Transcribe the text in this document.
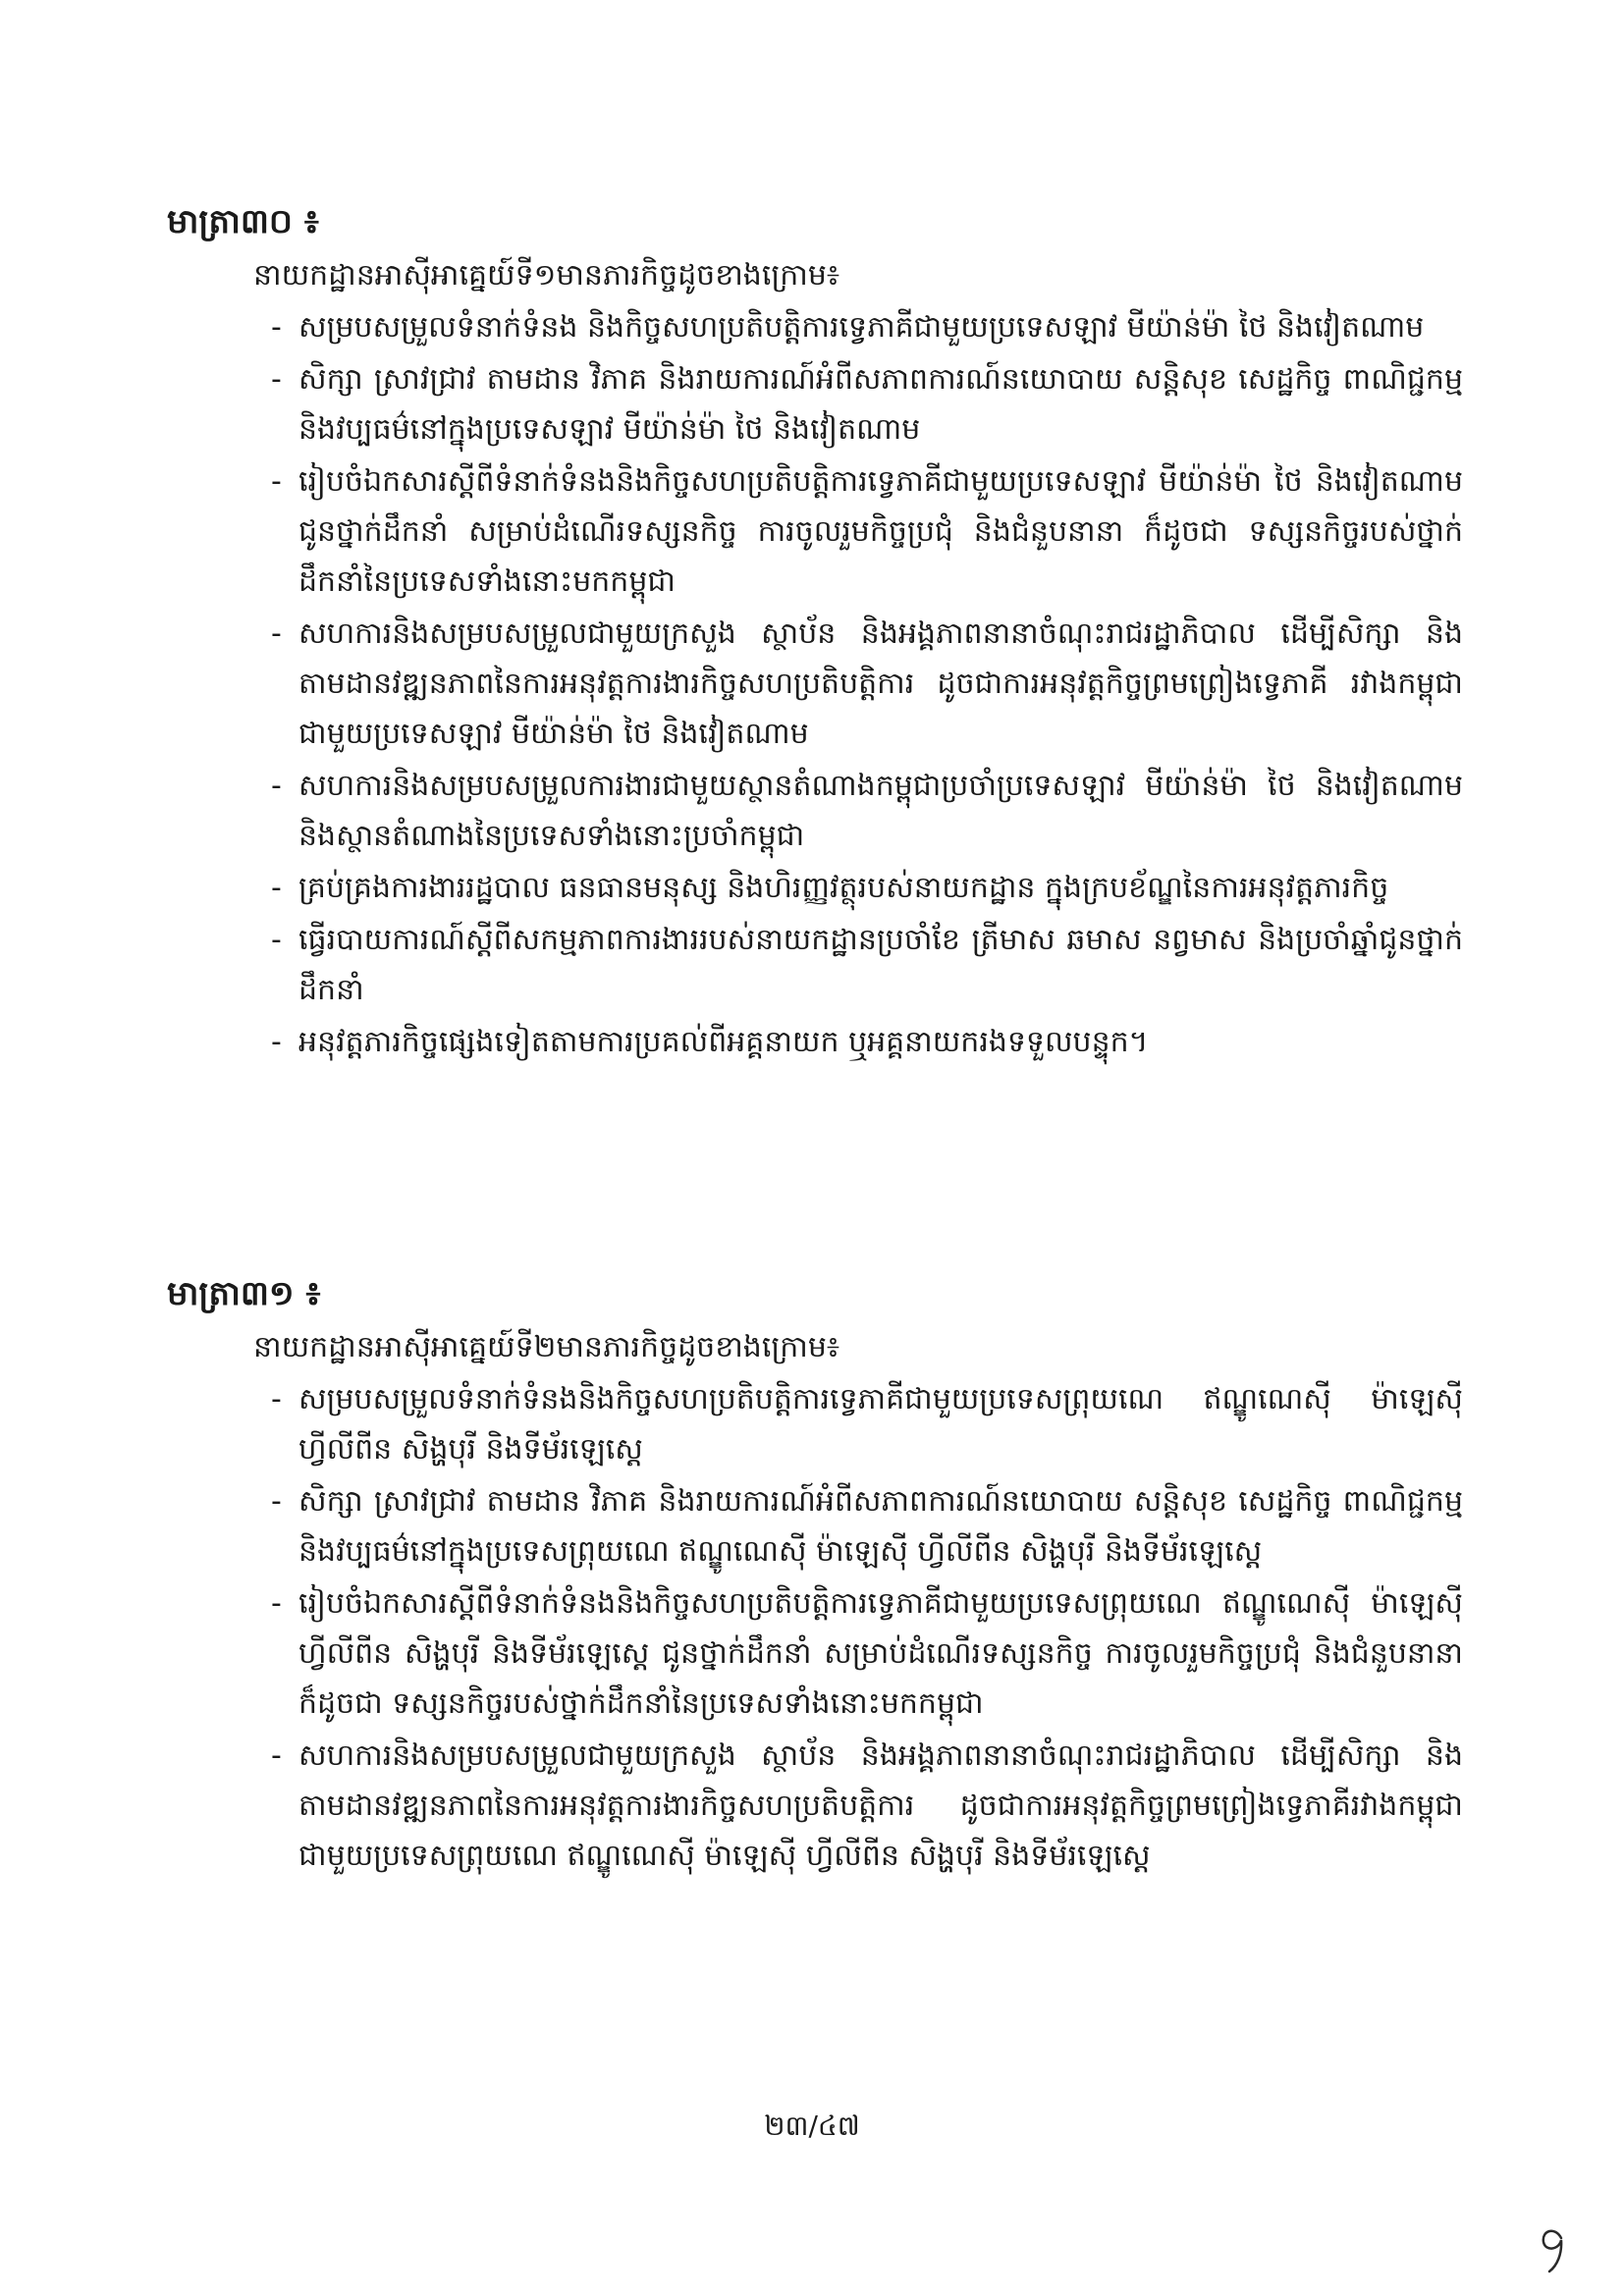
មាត្រា៣០ ៖

នាយកដ្ឋានអាស៊ីអាគ្នេយ៍ទី១មានភារកិច្ចដូចខាងក្រោម៖

- សម្របសម្រួលទំនាក់ទំនង និងកិច្ចសហប្រតិបត្តិការទ្វេភាគីជាមួយប្រទេសឡាវ មីយ៉ាន់ម៉ា ថៃ និងវៀតណាម
- សិក្សា ស្រាវជ្រាវ តាមដាន វិភាគ និងរាយការណ៍អំពីសភាពការណ៍នយោបាយ សន្តិសុខ សេដ្ឋកិច្ច ពាណិជ្ជកម្ម និងវប្បធម៌នៅក្នុងប្រទេសឡាវ មីយ៉ាន់ម៉ា ថៃ និងវៀតណាម
- រៀបចំឯកសារស្តីពីទំនាក់ទំនងនិងកិច្ចសហប្រតិបត្តិការទ្វេភាគីជាមួយប្រទេសឡាវ មីយ៉ាន់ម៉ា ថៃ និងវៀតណាម ជូនថ្នាក់ដឹកនាំ សម្រាប់ដំណើរទស្សនកិច្ច ការចូលរួមកិច្ចប្រជុំ និងជំនួបនានា ក៏ដូចជា ទស្សនកិច្ចរបស់ថ្នាក់ដឹកនាំនៃប្រទេសទាំងនោះមកកម្ពុជា
- សហការនិងសម្របសម្រួលជាមួយក្រសួង ស្ថាប័ន និងអង្គភាពនានាចំណុះរាជរដ្ឋាភិបាល ដើម្បីសិក្សា និងតាមដានវឌ្ឍនភាពនៃការអនុវត្តការងារកិច្ចសហប្រតិបត្តិការ ដូចជាការអនុវត្តកិច្ចព្រមព្រៀងទ្វេភាគី រវាងកម្ពុជា ជាមួយប្រទេសឡាវ មីយ៉ាន់ម៉ា ថៃ និងវៀតណាម
- សហការនិងសម្របសម្រួលការងារជាមួយស្ថានតំណាងកម្ពុជាប្រចាំប្រទេសឡាវ មីយ៉ាន់ម៉ា ថៃ និងវៀតណាម និងស្ថានតំណាងនៃប្រទេសទាំងនោះប្រចាំកម្ពុជា
- គ្រប់គ្រងការងាររដ្ឋបាល ធនធានមនុស្ស និងហិរញ្ញវត្ថុរបស់នាយកដ្ឋាន ក្នុងក្របខ័ណ្ឌនៃការអនុវត្តភារកិច្ច
- ធ្វើរបាយការណ៍ស្តីពីសកម្មភាពការងាររបស់នាយកដ្ឋានប្រចាំខែ ត្រីមាស ឆមាស នព្វមាស និងប្រចាំឆ្នាំជូនថ្នាក់ដឹកនាំ
- អនុវត្តភារកិច្ចផ្សេងទៀតតាមការប្រគល់ពីអគ្គនាយក ឬអគ្គនាយករងទទួលបន្ទុក។
មាត្រា៣១ ៖

នាយកដ្ឋានអាស៊ីអាគ្នេយ៍ទី២មានភារកិច្ចដូចខាងក្រោម៖

- សម្របសម្រួលទំនាក់ទំនងនិងកិច្ចសហប្រតិបត្តិការទ្វេភាគីជាមួយប្រទេសព្រុយណេ ឥណ្ឌូណេស៊ី ម៉ាឡេស៊ី ហ្វីលីពីន សិង្ហបុរី និងទីម័រឡេស្តេ
- សិក្សា ស្រាវជ្រាវ តាមដាន វិភាគ និងរាយការណ៍អំពីសភាពការណ៍នយោបាយ សន្តិសុខ សេដ្ឋកិច្ច ពាណិជ្ជកម្ម និងវប្បធម៌នៅក្នុងប្រទេសព្រុយណេ ឥណ្ឌូណេស៊ី ម៉ាឡេស៊ី ហ្វីលីពីន សិង្ហបុរី និងទីម័រឡេស្តេ
- រៀបចំឯកសារស្តីពីទំនាក់ទំនងនិងកិច្ចសហប្រតិបត្តិការទ្វេភាគីជាមួយប្រទេសព្រុយណេ ឥណ្ឌូណេស៊ី ម៉ាឡេស៊ី ហ្វីលីពីន សិង្ហបុរី និងទីម័រឡេស្តេ ជូនថ្នាក់ដឹកនាំ សម្រាប់ដំណើរទស្សនកិច្ច ការចូលរួមកិច្ចប្រជុំ និងជំនួបនានា ក៏ដូចជា ទស្សនកិច្ចរបស់ថ្នាក់ដឹកនាំនៃប្រទេសទាំងនោះមកកម្ពុជា
- សហការនិងសម្របសម្រួលជាមួយក្រសួង ស្ថាប័ន និងអង្គភាពនានាចំណុះរាជរដ្ឋាភិបាល ដើម្បីសិក្សា និងតាមដានវឌ្ឍនភាពនៃការអនុវត្តការងារកិច្ចសហប្រតិបត្តិការ ដូចជាការអនុវត្តកិច្ចព្រមព្រៀងទ្វេភាគីរវាងកម្ពុជា ជាមួយប្រទេសព្រុយណេ ឥណ្ឌូណេស៊ី ម៉ាឡេស៊ី ហ្វីលីពីន សិង្ហបុរី និងទីម័រឡេស្តេ
២៣/៤៧
